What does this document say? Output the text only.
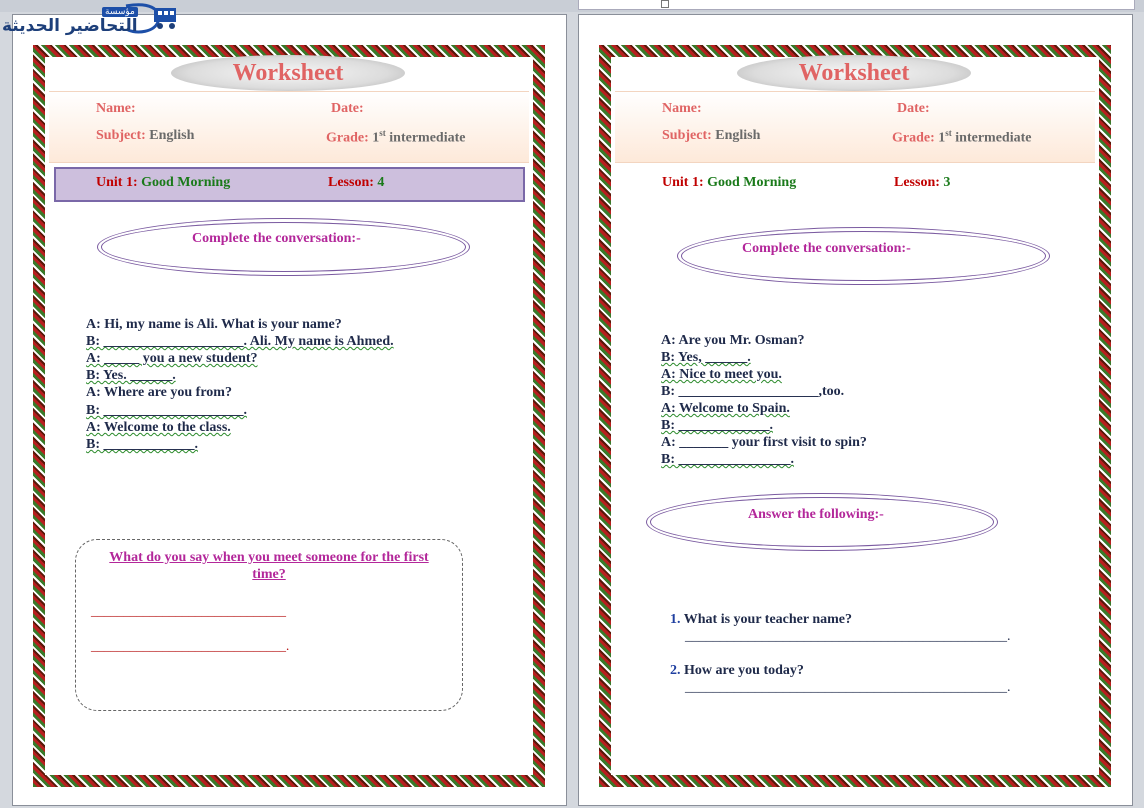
مؤسسة
التحاضير الحديثة
Worksheet
Name:	Date:
Subject: English	Grade: 1st intermediate
Unit 1: Good Morning	Lesson: 4
Complete the conversation:-
A: Hi, my name is Ali. What is your name?
B: ____________________. Ali. My name is Ahmed.
A: _____ you a new student?
B: Yes. ______.
A: Where are you from?
B: ____________________.
A: Welcome to the class.
B: _____________.
What do you say when you meet someone for the first time?
______________________________
______________________________.
Worksheet
Name:	Date:
Subject: English	Grade: 1st intermediate
Unit 1: Good Morning	Lesson: 3
Complete the conversation:-
A: Are you Mr. Osman?
B: Yes, ______.
A: Nice to meet you.
B: ____________________,too.
A: Welcome to Spain.
B: _____________.
A: _______ your first visit to spin?
B: ________________.
Answer the following:-
1. What is your teacher name?
______________________________________________.
2. How are you today?
______________________________________________.
